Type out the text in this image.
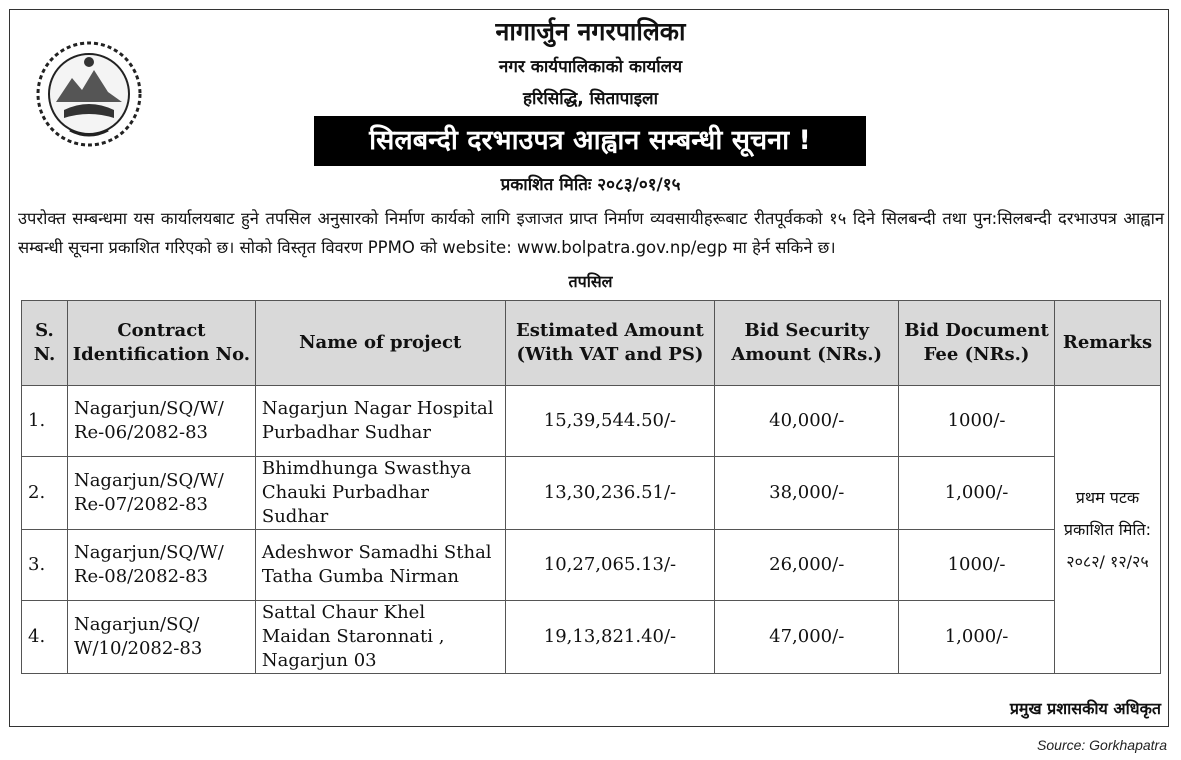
नागार्जुन नगरपालिका
नगर कार्यपालिकाको कार्यालय
हरिसिद्धि, सितापाइला
सिलबन्दी दरभाउपत्र आह्वान सम्बन्धी सूचना !
प्रकाशित मितिः २०८३/०१/१५
उपरोक्त सम्बन्धमा यस कार्यालयबाट हुने तपसिल अनुसारको निर्माण कार्यको लागि इजाजत प्राप्त निर्माण व्यवसायीहरूबाट रीतपूर्वकको १५ दिने सिलबन्दी तथा पुन:सिलबन्दी दरभाउपत्र आह्वान सम्बन्धी सूचना प्रकाशित गरिएको छ। सोको विस्तृत विवरण PPMO को website: www.bolpatra.gov.np/egp मा हेर्न सकिने छ।
तपसिल
S. N.	Contract Identification No.	Name of project	Estimated Amount (With VAT and PS)	Bid Security Amount (NRs.)	Bid Document Fee (NRs.)	Remarks
1.	Nagarjun/SQ/W/ Re-06/2082-83	Nagarjun Nagar Hospital Purbadhar Sudhar	15,39,544.50/-	40,000/-	1000/-	प्रथम पटक प्रकाशित मिति: २०८२/ १२/२५
2.	Nagarjun/SQ/W/ Re-07/2082-83	Bhimdhunga Swasthya Chauki Purbadhar Sudhar	13,30,236.51/-	38,000/-	1,000/-	
3.	Nagarjun/SQ/W/ Re-08/2082-83	Adeshwor Samadhi Sthal Tatha Gumba Nirman	10,27,065.13/-	26,000/-	1000/-	
4.	Nagarjun/SQ/ W/10/2082-83	Sattal Chaur Khel Maidan Staronnati , Nagarjun 03	19,13,821.40/-	47,000/-	1,000/-	
प्रमुख प्रशासकीय अधिकृत
Source: Gorkhapatra
